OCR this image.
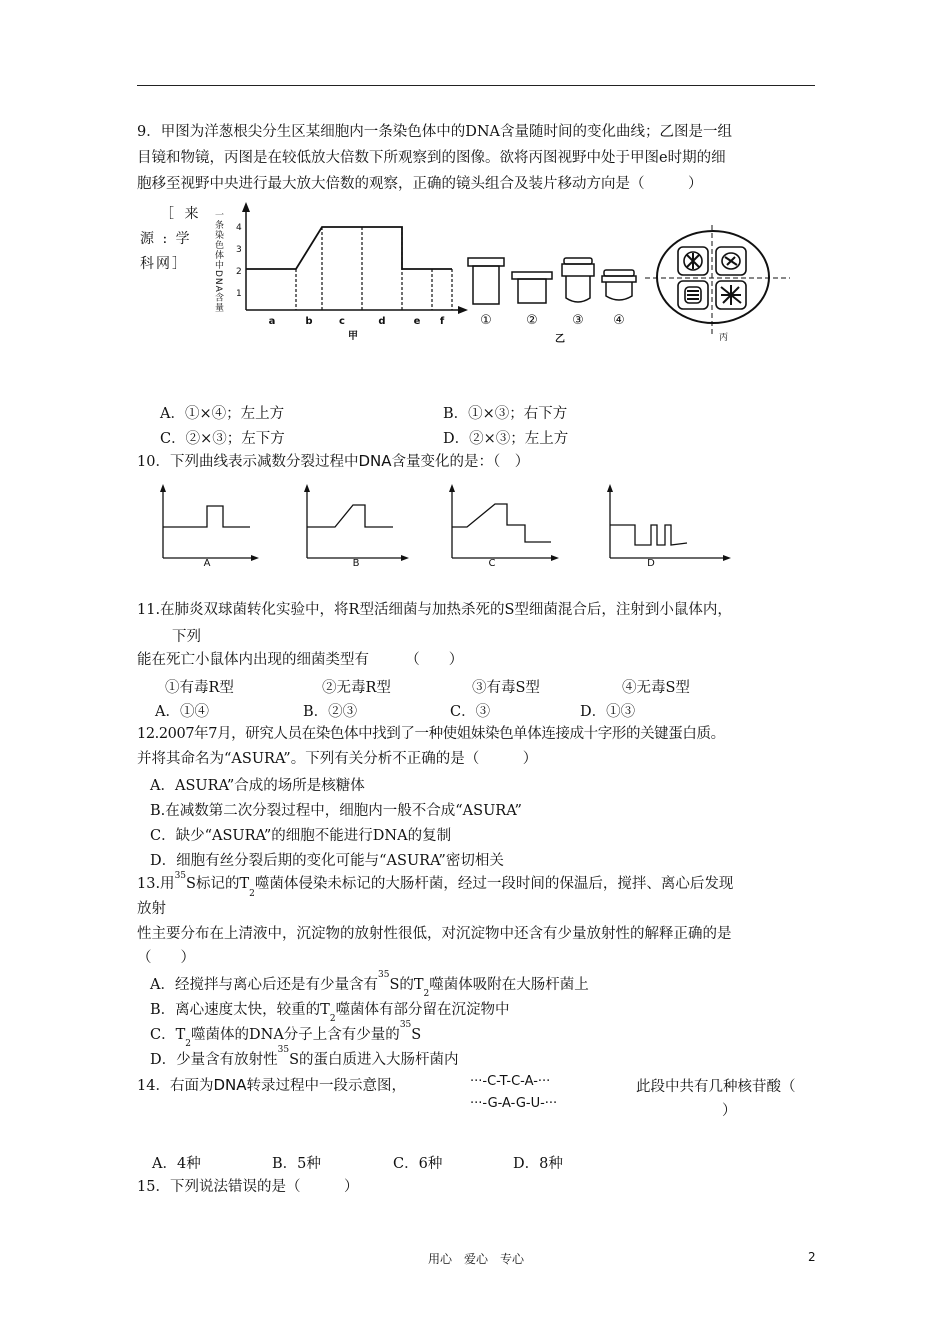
9．甲图为洋葱根尖分生区某细胞内一条染色体中的DNA含量随时间的变化曲线；乙图是一组
目镜和物镜，丙图是在较低放大倍数下所观察到的图像。欲将丙图视野中处于甲图e时期的细
胞移至视野中央进行最大放大倍数的观察，正确的镜头组合及装片移动方向是（　　　）
［ 来
源 : 学
科网］
1
2
3
4
一条染色体中DNA含量
a	b	c	d	e f
甲
①	②	③ ④
乙	丙
A．①×④；左上方	B．①×③；右下方
C．②×③；左下方	D．②×③；左上方
10．下列曲线表示减数分裂过程中DNA含量变化的是：（　）
A	B	C	D
11.在肺炎双球菌转化实验中，将R型活细菌与加热杀死的S型细菌混合后，注射到小鼠体内，
下列
能在死亡小鼠体内出现的细菌类型有　　　（　　）
①有毒R型	②无毒R型	③有毒S型	④无毒S型
A．①④	B．②③	C．③	D．①③
12.2007年7月，研究人员在染色体中找到了一种使姐妹染色单体连接成十字形的关键蛋白质。
并将其命名为“ASURA”。下列有关分析不正确的是（　　　）
A．ASURA”合成的场所是核糖体
B.在减数第二次分裂过程中，细胞内一般不合成“ASURA”
C．缺少“ASURA”的细胞不能进行DNA的复制
D．细胞有丝分裂后期的变化可能与“ASURA”密切相关
13.用$^{35}$S标记的T2噬菌体侵染未标记的大肠杆菌，经过一段时间的保温后，搅拌、离心后发现
放射
性主要分布在上清液中，沉淀物的放射性很低，对沉淀物中还含有少量放射性的解释正确的是
（　　）
A．经搅拌与离心后还是有少量含有$^{35}$S的T2噬菌体吸附在大肠杆菌上
B．离心速度太快，较重的T2噬菌体有部分留在沉淀物中
C．T2噬菌体的DNA分子上含有少量的$^{35}$S
D．少量含有放射性$^{35}$S的蛋白质进入大肠杆菌内
14．右面为DNA转录过程中一段示意图，	···-C-T-C-A-···
···-G-A-G-U-···
此段中共有几种核苷酸（
）
A．4种	B．5种	C．6种	D．8种
15．下列说法错误的是（　　　）
用心　爱心　专心	2
